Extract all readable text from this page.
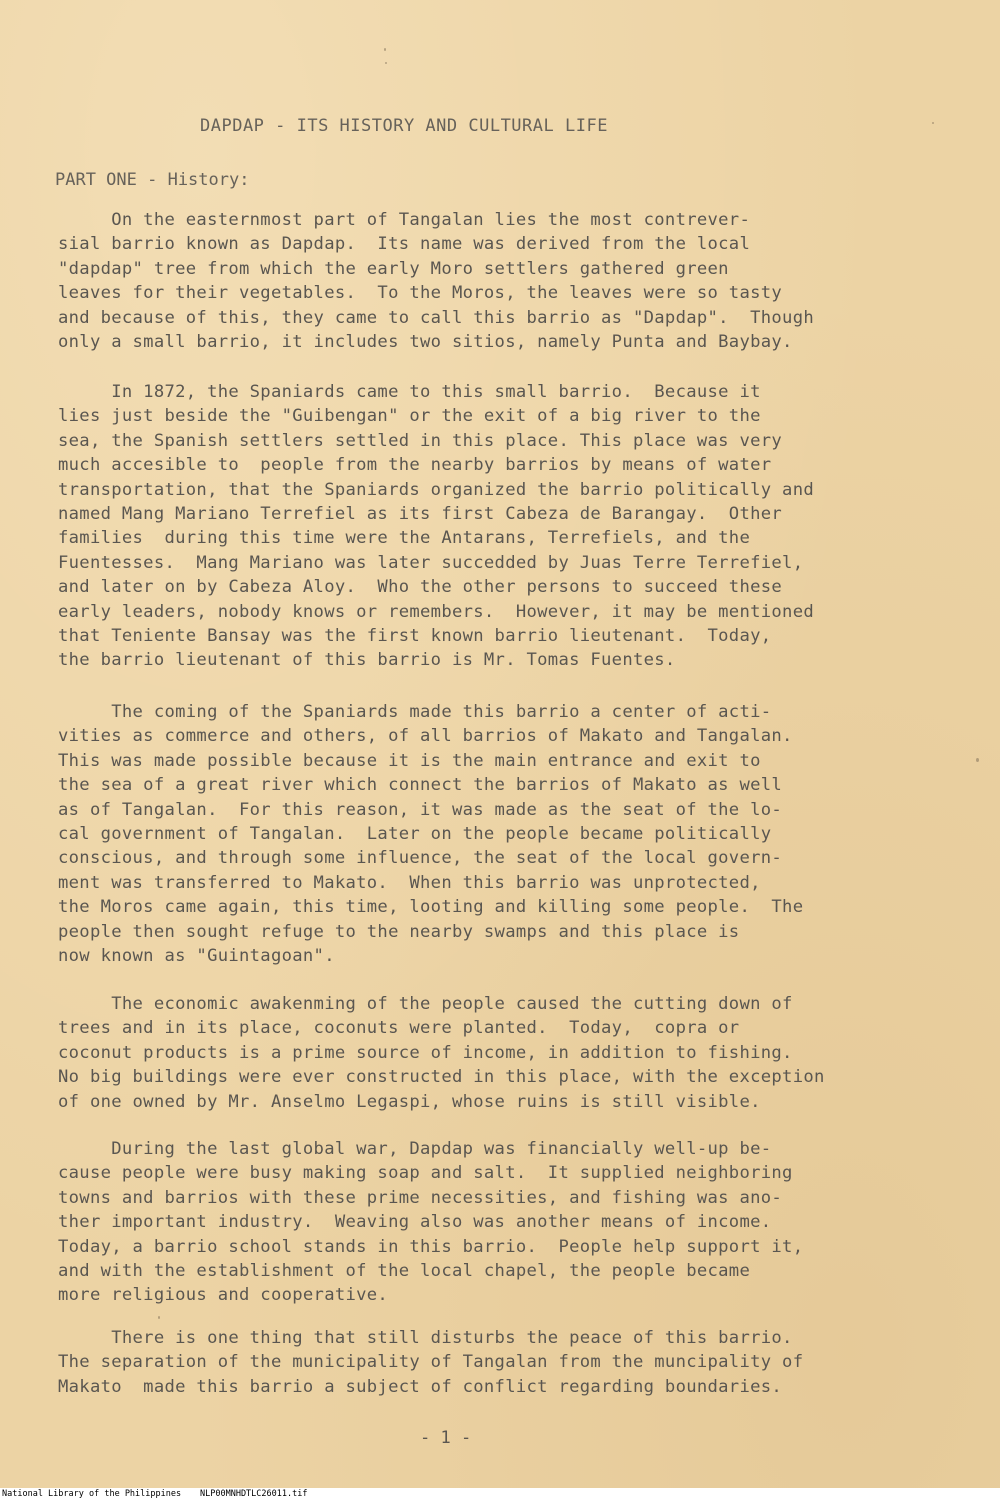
DAPDAP - ITS HISTORY AND CULTURAL LIFE
PART ONE - History:
On the easternmost part of Tangalan lies the most contrever-
sial barrio known as Dapdap.  Its name was derived from the local
"dapdap" tree from which the early Moro settlers gathered green
leaves for their vegetables.  To the Moros, the leaves were so tasty
and because of this, they came to call this barrio as "Dapdap".  Though
only a small barrio, it includes two sitios, namely Punta and Baybay.
In 1872, the Spaniards came to this small barrio.  Because it
lies just beside the "Guibengan" or the exit of a big river to the
sea, the Spanish settlers settled in this place. This place was very
much accesible to  people from the nearby barrios by means of water
transportation, that the Spaniards organized the barrio politically and
named Mang Mariano Terrefiel as its first Cabeza de Barangay.  Other
families  during this time were the Antarans, Terrefiels, and the
Fuentesses.  Mang Mariano was later succedded by Juas Terre Terrefiel,
and later on by Cabeza Aloy.  Who the other persons to succeed these
early leaders, nobody knows or remembers.  However, it may be mentioned
that Teniente Bansay was the first known barrio lieutenant.  Today,
the barrio lieutenant of this barrio is Mr. Tomas Fuentes.
The coming of the Spaniards made this barrio a center of acti-
vities as commerce and others, of all barrios of Makato and Tangalan.
This was made possible because it is the main entrance and exit to
the sea of a great river which connect the barrios of Makato as well
as of Tangalan.  For this reason, it was made as the seat of the lo-
cal government of Tangalan.  Later on the people became politically
conscious, and through some influence, the seat of the local govern-
ment was transferred to Makato.  When this barrio was unprotected,
the Moros came again, this time, looting and killing some people.  The
people then sought refuge to the nearby swamps and this place is
now known as "Guintagoan".
The economic awakenming of the people caused the cutting down of
trees and in its place, coconuts were planted.  Today,  copra or
coconut products is a prime source of income, in addition to fishing.
No big buildings were ever constructed in this place, with the exception
of one owned by Mr. Anselmo Legaspi, whose ruins is still visible.
During the last global war, Dapdap was financially well-up be-
cause people were busy making soap and salt.  It supplied neighboring
towns and barrios with these prime necessities, and fishing was ano-
ther important industry.  Weaving also was another means of income.
Today, a barrio school stands in this barrio.  People help support it,
and with the establishment of the local chapel, the people became
more religious and cooperative.
There is one thing that still disturbs the peace of this barrio.
The separation of the municipality of Tangalan from the muncipality of
Makato  made this barrio a subject of conflict regarding boundaries.
- 1 -
National Library of the Philippines NLP00MNHDTLC26011.tif
